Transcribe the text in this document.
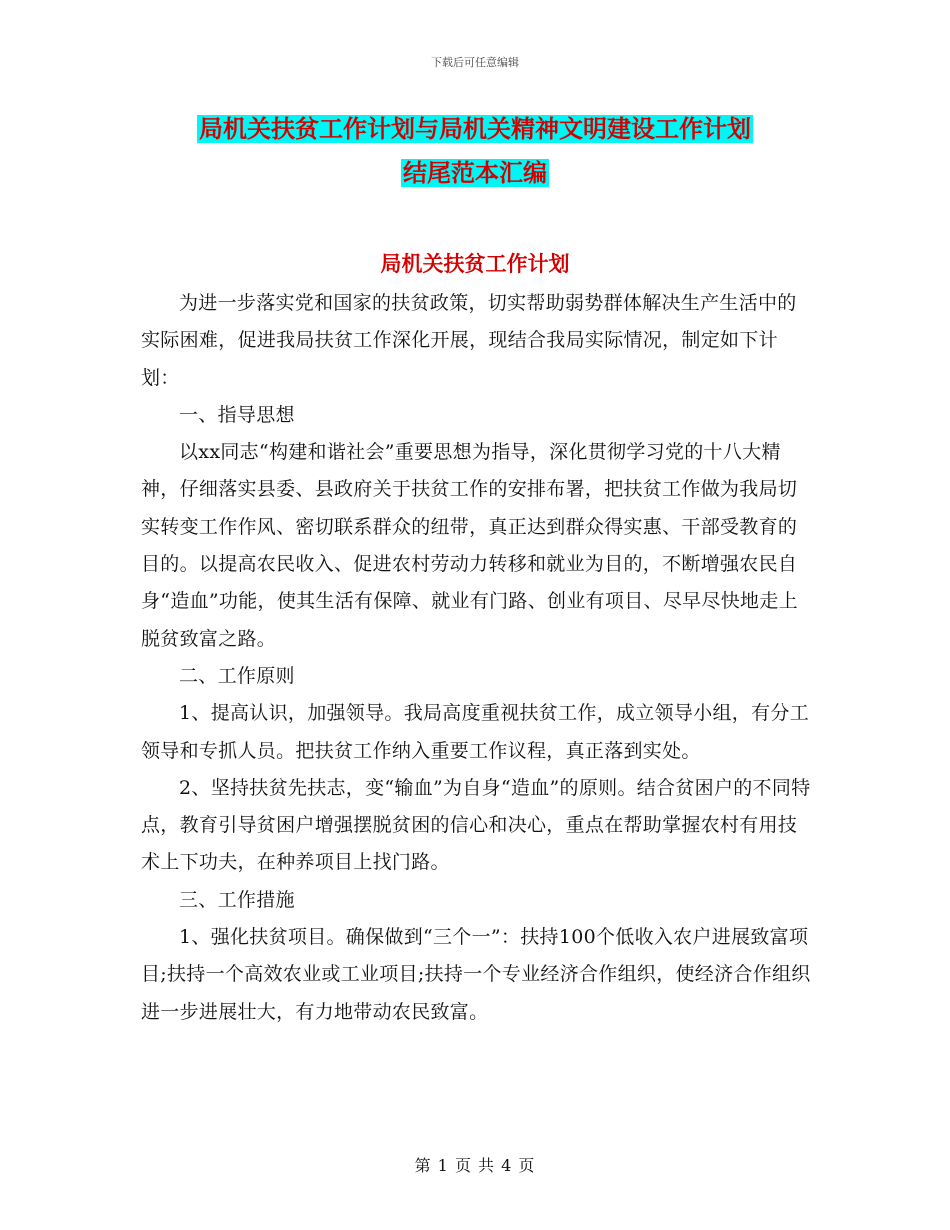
下载后可任意编辑
局机关扶贫工作计划与局机关精神文明建设工作计划
结尾范本汇编
局机关扶贫工作计划

为进一步落实党和国家的扶贫政策，切实帮助弱势群体解决生产生活中的实际困难，促进我局扶贫工作深化开展，现结合我局实际情况，制定如下计划：

一、指导思想

以xx同志“构建和谐社会”重要思想为指导，深化贯彻学习党的十八大精神，仔细落实县委、县政府关于扶贫工作的安排布署，把扶贫工作做为我局切实转变工作作风、密切联系群众的纽带，真正达到群众得实惠、干部受教育的目的。以提高农民收入、促进农村劳动力转移和就业为目的，不断增强农民自身“造血”功能，使其生活有保障、就业有门路、创业有项目、尽早尽快地走上脱贫致富之路。

二、工作原则

1、提高认识，加强领导。我局高度重视扶贫工作，成立领导小组，有分工领导和专抓人员。把扶贫工作纳入重要工作议程，真正落到实处。

2、坚持扶贫先扶志，变“输血”为自身“造血”的原则。结合贫困户的不同特点，教育引导贫困户增强摆脱贫困的信心和决心，重点在帮助掌握农村有用技术上下功夫，在种养项目上找门路。

三、工作措施

1、强化扶贫项目。确保做到“三个一”：扶持100个低收入农户进展致富项目;扶持一个高效农业或工业项目;扶持一个专业经济合作组织，使经济合作组织进一步进展壮大，有力地带动农民致富。

第 1 页 共 4 页
